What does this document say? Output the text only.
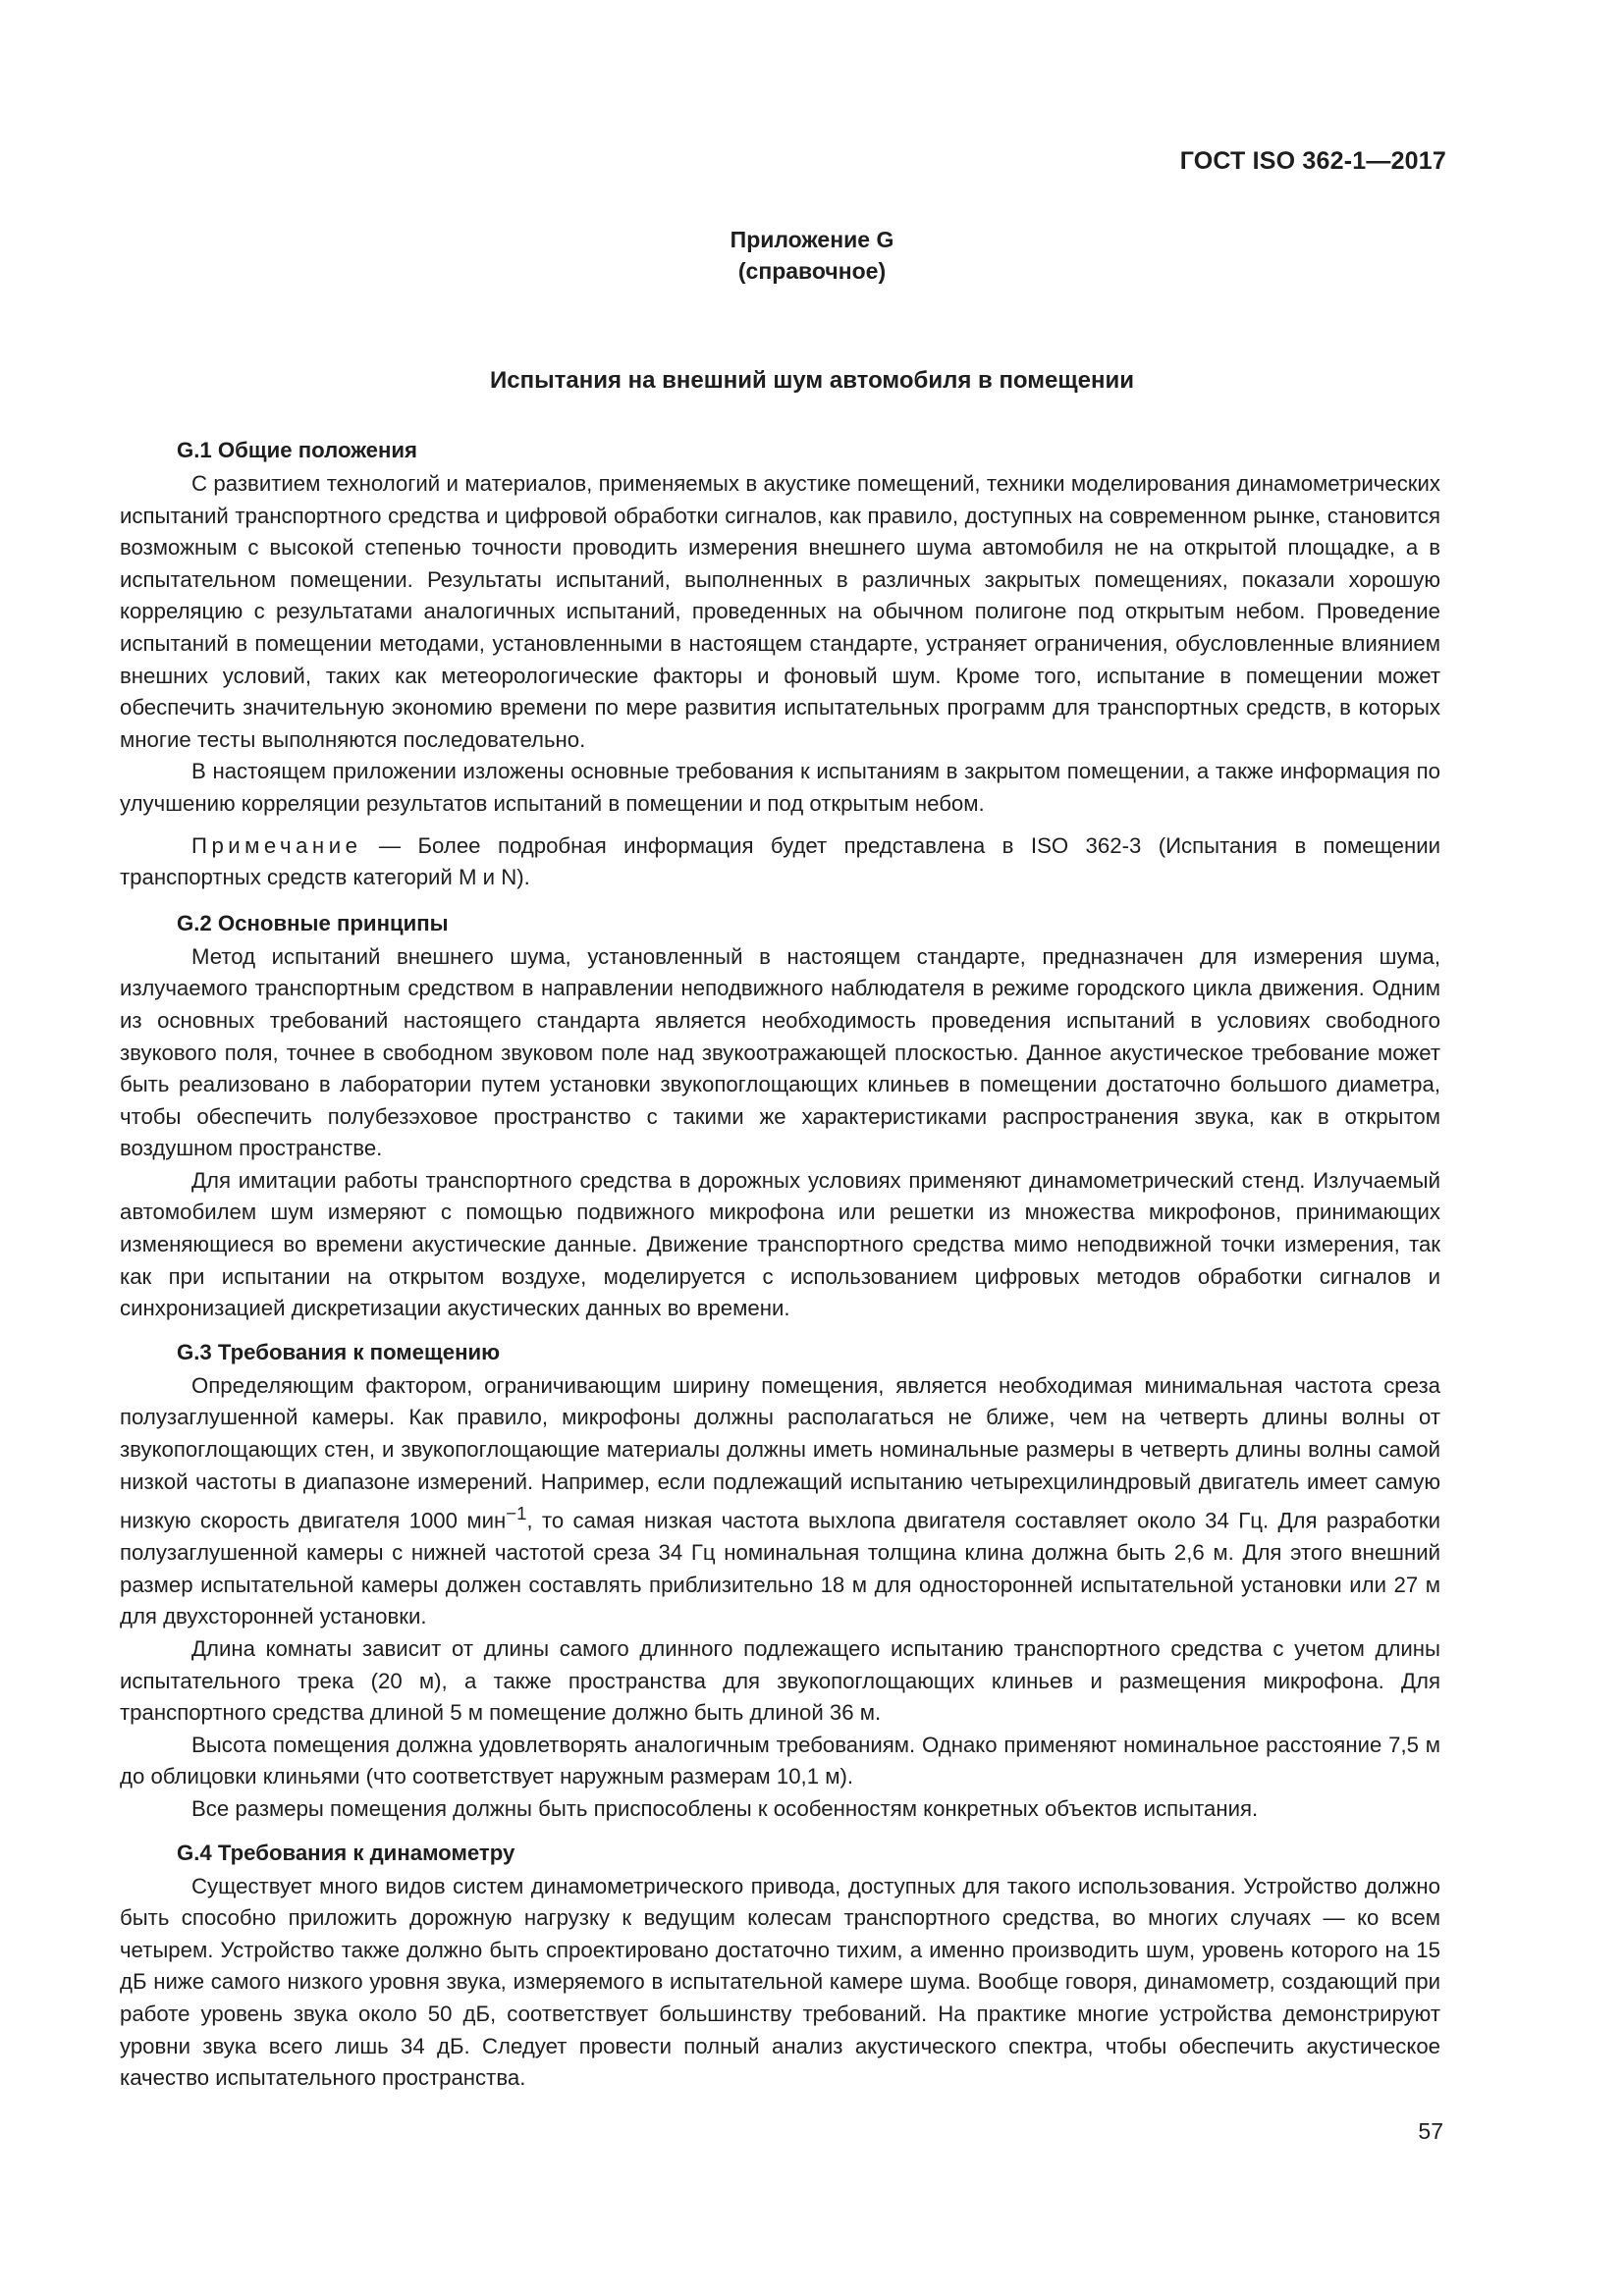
ГОСТ ISO 362-1—2017
Приложение G
(справочное)
Испытания на внешний шум автомобиля в помещении
G.1 Общие положения

С развитием технологий и материалов, применяемых в акустике помещений, техники моделирования динамометрических испытаний транспортного средства и цифровой обработки сигналов, как правило, доступных на современном рынке, становится возможным с высокой степенью точности проводить измерения внешнего шума автомобиля не на открытой площадке, а в испытательном помещении. Результаты испытаний, выполненных в различных закрытых помещениях, показали хорошую корреляцию с результатами аналогичных испытаний, проведенных на обычном полигоне под открытым небом. Проведение испытаний в помещении методами, установленными в настоящем стандарте, устраняет ограничения, обусловленные влиянием внешних условий, таких как метеорологические факторы и фоновый шум. Кроме того, испытание в помещении может обеспечить значительную экономию времени по мере развития испытательных программ для транспортных средств, в которых многие тесты выполняются последовательно.

В настоящем приложении изложены основные требования к испытаниям в закрытом помещении, а также информация по улучшению корреляции результатов испытаний в помещении и под открытым небом.

Примечание — Более подробная информация будет представлена в ISO 362-3 (Испытания в помещении транспортных средств категорий M и N).

G.2 Основные принципы

Метод испытаний внешнего шума, установленный в настоящем стандарте, предназначен для измерения шума, излучаемого транспортным средством в направлении неподвижного наблюдателя в режиме городского цикла движения. Одним из основных требований настоящего стандарта является необходимость проведения испытаний в условиях свободного звукового поля, точнее в свободном звуковом поле над звукоотражающей плоскостью. Данное акустическое требование может быть реализовано в лаборатории путем установки звукопоглощающих клиньев в помещении достаточно большого диаметра, чтобы обеспечить полубезэховое пространство с такими же характеристиками распространения звука, как в открытом воздушном пространстве.

Для имитации работы транспортного средства в дорожных условиях применяют динамометрический стенд. Излучаемый автомобилем шум измеряют с помощью подвижного микрофона или решетки из множества микрофонов, принимающих изменяющиеся во времени акустические данные. Движение транспортного средства мимо неподвижной точки измерения, так как при испытании на открытом воздухе, моделируется с использованием цифровых методов обработки сигналов и синхронизацией дискретизации акустических данных во времени.

G.3 Требования к помещению

Определяющим фактором, ограничивающим ширину помещения, является необходимая минимальная частота среза полузаглушенной камеры. Как правило, микрофоны должны располагаться не ближе, чем на четверть длины волны от звукопоглощающих стен, и звукопоглощающие материалы должны иметь номинальные размеры в четверть длины волны самой низкой частоты в диапазоне измерений. Например, если подлежащий испытанию четырехцилиндровый двигатель имеет самую низкую скорость двигателя 1000 мин$^{-1}$, то самая низкая частота выхлопа двигателя составляет около 34 Гц. Для разработки полузаглушенной камеры с нижней частотой среза 34 Гц номинальная толщина клина должна быть 2,6 м. Для этого внешний размер испытательной камеры должен составлять приблизительно 18 м для односторонней испытательной установки или 27 м для двухсторонней установки.

Длина комнаты зависит от длины самого длинного подлежащего испытанию транспортного средства с учетом длины испытательного трека (20 м), а также пространства для звукопоглощающих клиньев и размещения микрофона. Для транспортного средства длиной 5 м помещение должно быть длиной 36 м.

Высота помещения должна удовлетворять аналогичным требованиям. Однако применяют номинальное расстояние 7,5 м до облицовки клиньями (что соответствует наружным размерам 10,1 м).

Все размеры помещения должны быть приспособлены к особенностям конкретных объектов испытания.

G.4 Требования к динамометру

Существует много видов систем динамометрического привода, доступных для такого использования. Устройство должно быть способно приложить дорожную нагрузку к ведущим колесам транспортного средства, во многих случаях — ко всем четырем. Устройство также должно быть спроектировано достаточно тихим, а именно производить шум, уровень которого на 15 дБ ниже самого низкого уровня звука, измеряемого в испытательной камере шума. Вообще говоря, динамометр, создающий при работе уровень звука около 50 дБ, соответствует большинству требований. На практике многие устройства демонстрируют уровни звука всего лишь 34 дБ. Следует провести полный анализ акустического спектра, чтобы обеспечить акустическое качество испытательного пространства.

57
